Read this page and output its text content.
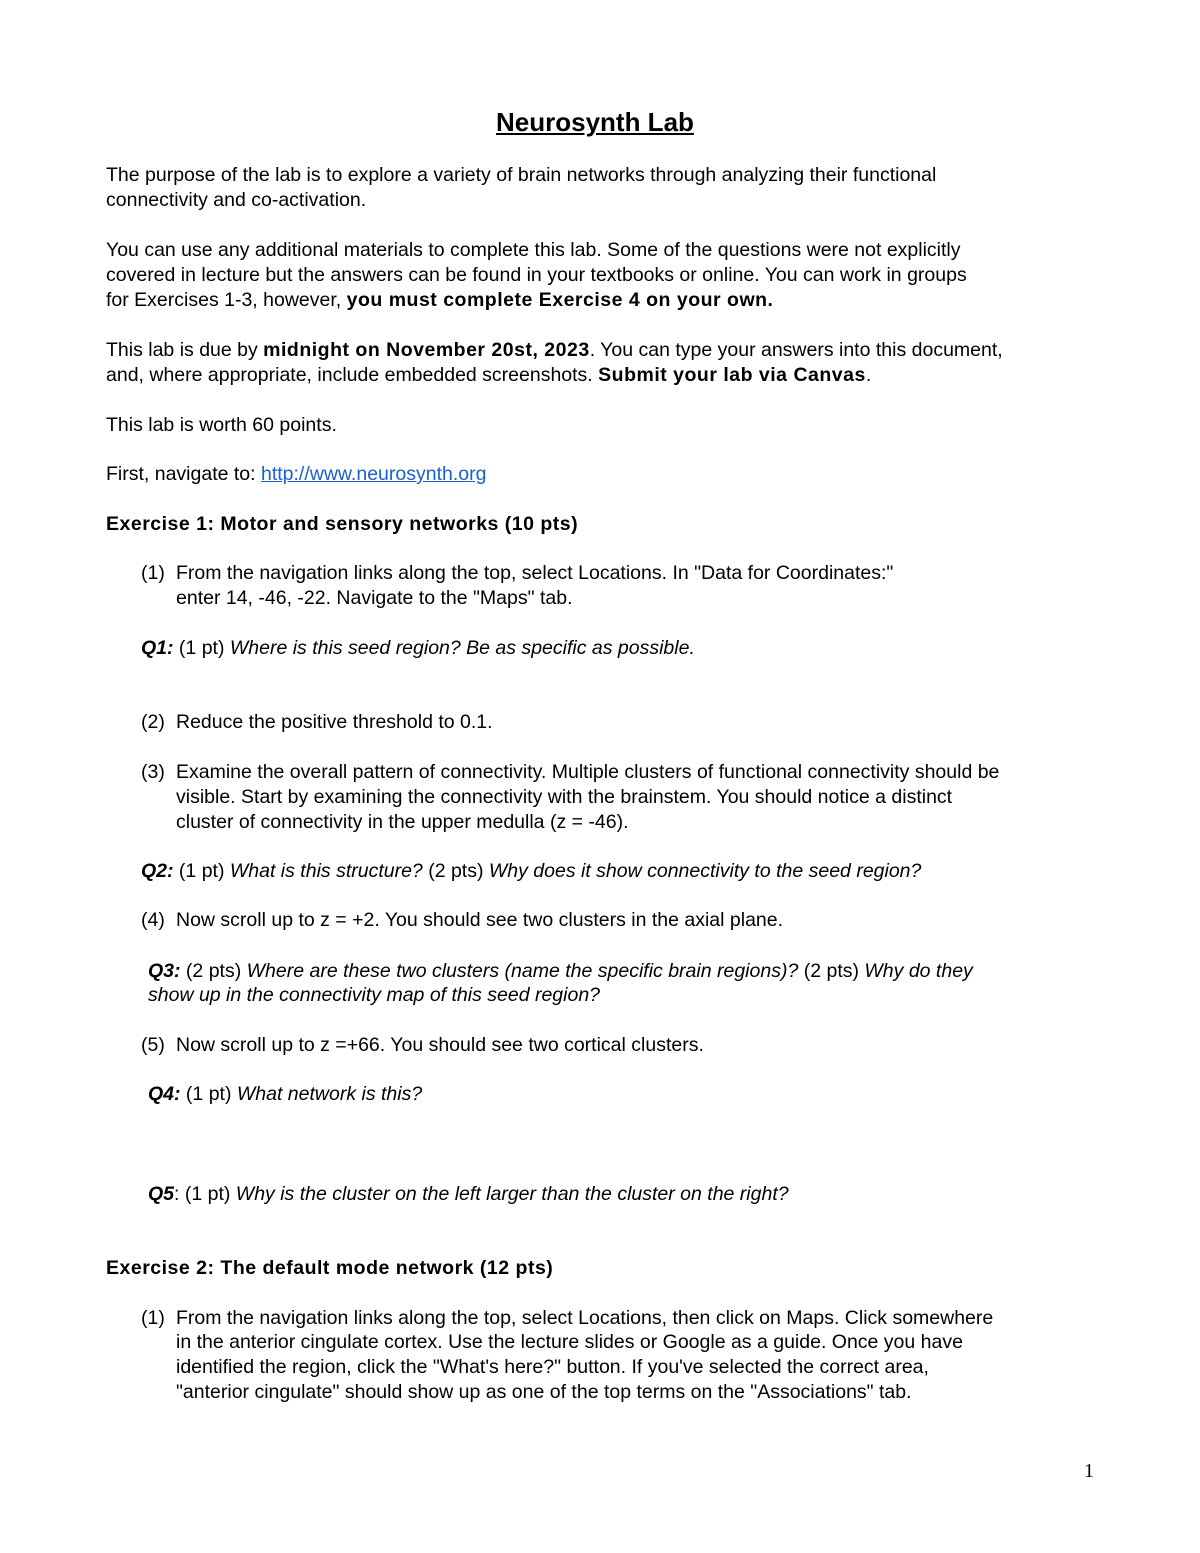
Neurosynth Lab
The purpose of the lab is to explore a variety of brain networks through analyzing their functional
connectivity and co-activation.
You can use any additional materials to complete this lab. Some of the questions were not explicitly
covered in lecture but the answers can be found in your textbooks or online. You can work in groups
for Exercises 1-3, however, you must complete Exercise 4 on your own.
This lab is due by midnight on November 20st, 2023. You can type your answers into this document,
and, where appropriate, include embedded screenshots. Submit your lab via Canvas.
This lab is worth 60 points.
First, navigate to: http://www.neurosynth.org
Exercise 1: Motor and sensory networks (10 pts)
(1) From the navigation links along the top, select Locations. In "Data for Coordinates:"
enter 14, -46, -22. Navigate to the "Maps" tab.
Q1: (1 pt) Where is this seed region? Be as specific as possible.
(2) Reduce the positive threshold to 0.1.
(3) Examine the overall pattern of connectivity. Multiple clusters of functional connectivity should be
visible. Start by examining the connectivity with the brainstem. You should notice a distinct
cluster of connectivity in the upper medulla (z = -46).
Q2: (1 pt) What is this structure? (2 pts) Why does it show connectivity to the seed region?
(4) Now scroll up to z = +2. You should see two clusters in the axial plane.
Q3: (2 pts) Where are these two clusters (name the specific brain regions)? (2 pts) Why do they
show up in the connectivity map of this seed region?
(5) Now scroll up to z =+66. You should see two cortical clusters.
Q4: (1 pt) What network is this?
Q5: (1 pt) Why is the cluster on the left larger than the cluster on the right?
Exercise 2: The default mode network (12 pts)
(1) From the navigation links along the top, select Locations, then click on Maps. Click somewhere
in the anterior cingulate cortex. Use the lecture slides or Google as a guide. Once you have
identified the region, click the "What's here?" button. If you've selected the correct area,
"anterior cingulate" should show up as one of the top terms on the "Associations" tab.
1
